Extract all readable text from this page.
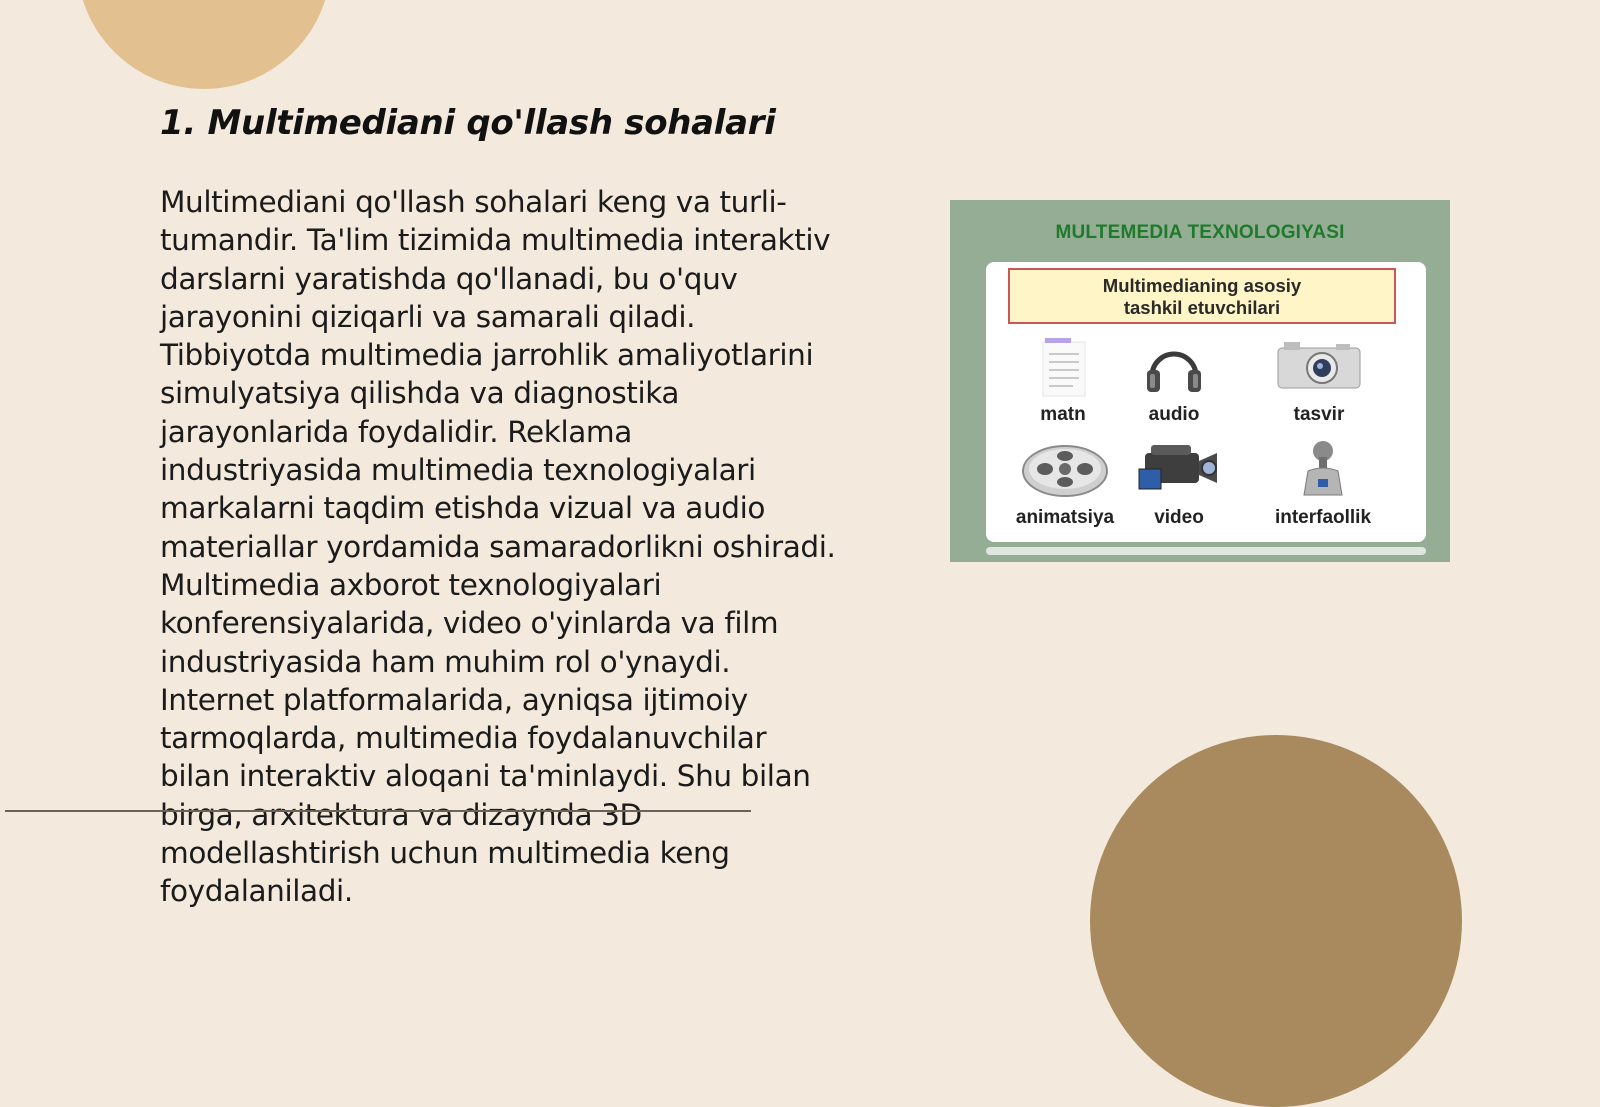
1. Multimediani qo'llash sohalari

Multimediani qo'llash sohalari keng va turli-tumandir. Ta'lim tizimida multimedia interaktiv darslarni yaratishda qo'llanadi, bu o'quv jarayonini qiziqarli va samarali qiladi. Tibbiyotda multimedia jarrohlik amaliyotlarini simulyatsiya qilishda va diagnostika jarayonlarida foydalidir. Reklama industriyasida multimedia texnologiyalari markalarni taqdim etishda vizual va audio materiallar yordamida samaradorlikni oshiradi. Multimedia axborot texnologiyalari konferensiyalarida, video o'yinlarda va film industriyasida ham muhim rol o'ynaydi. Internet platformalarida, ayniqsa ijtimoiy tarmoqlarda, multimedia foydalanuvchilar bilan interaktiv aloqani ta'minlaydi. Shu bilan birga, arxitektura va dizaynda 3D modellashtirish uchun multimedia keng foydalaniladi.

MULTEMEDIA TEXNOLOGIYASI
Multimedianing asosiy
tashkil etuvchilari
matn	audio	tasvir
animatsiya	video	interfaollik
